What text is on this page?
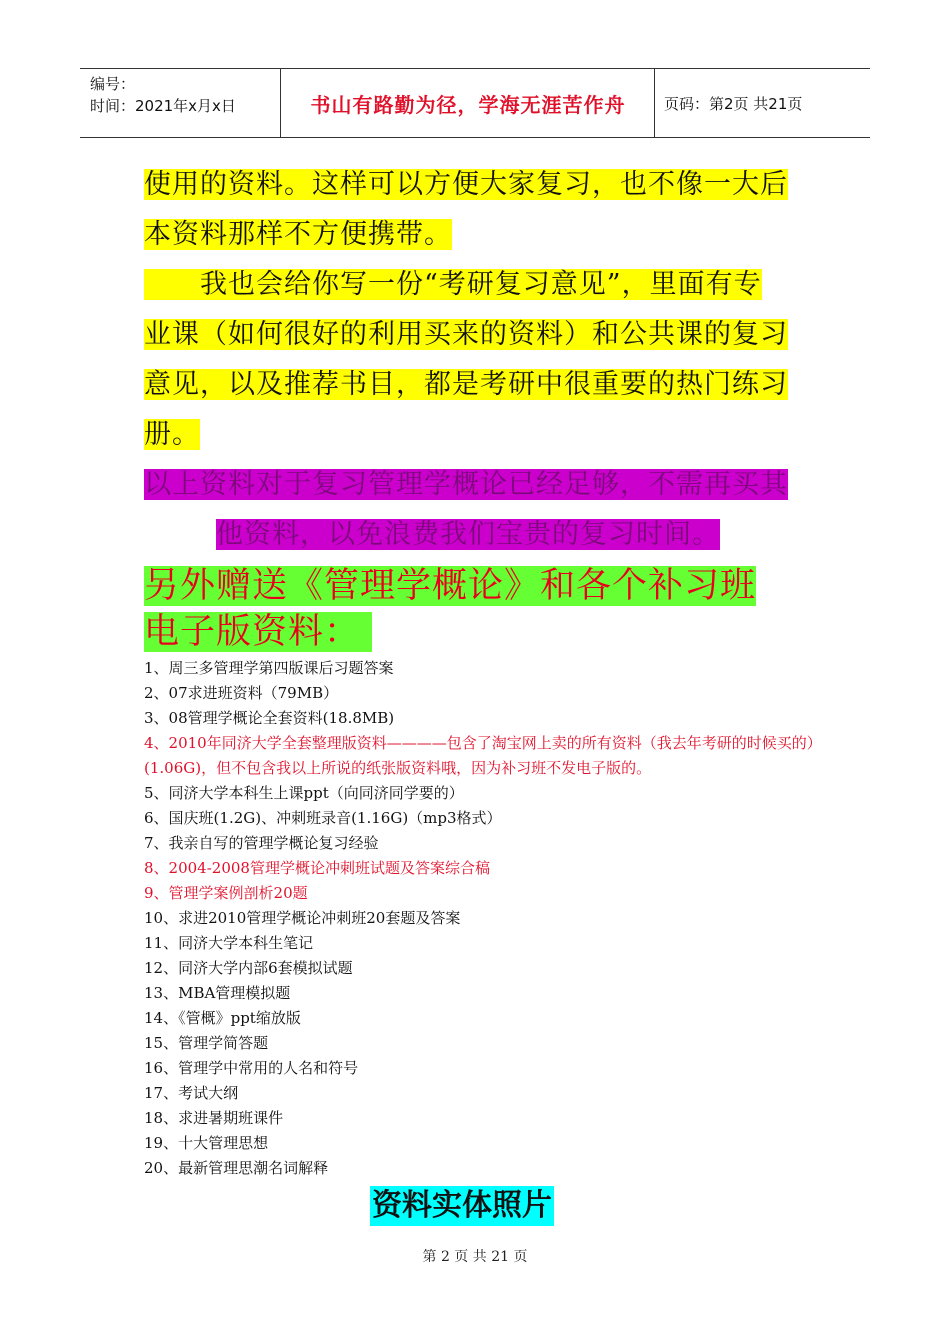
编号：
时间：2021年x月x日	书山有路勤为径，学海无涯苦作舟	页码：第2页 共21页
使用的资料。这样可以方便大家复习，也不像一大后
本资料那样不方便携带。
　　我也会给你写一份“考研复习意见”，里面有专
业课（如何很好的利用买来的资料）和公共课的复习
意见，以及推荐书目，都是考研中很重要的热门练习
册。
以上资料对于复习管理学概论已经足够，不需再买其
他资料，以免浪费我们宝贵的复习时间。
另外赠送《管理学概论》和各个补习班
电子版资料：
1、周三多管理学第四版课后习题答案
2、07求进班资料（79MB）
3、08管理学概论全套资料(18.8MB)
4、2010年同济大学全套整理版资料————包含了淘宝网上卖的所有资料（我去年考研的时候买的）(1.06G)，但不包含我以上所说的纸张版资料哦，因为补习班不发电子版的。
5、同济大学本科生上课ppt（向同济同学要的）
6、国庆班(1.2G)、冲刺班录音(1.16G)（mp3格式）
7、我亲自写的管理学概论复习经验
8、2004-2008管理学概论冲刺班试题及答案综合稿
9、管理学案例剖析20题
10、求进2010管理学概论冲刺班20套题及答案
11、同济大学本科生笔记
12、同济大学内部6套模拟试题
13、MBA管理模拟题
14、《管概》ppt缩放版
15、管理学简答题
16、管理学中常用的人名和符号
17、考试大纲
18、求进暑期班课件
19、十大管理思想
20、最新管理思潮名词解释
资料实体照片
第 2 页 共 21 页
